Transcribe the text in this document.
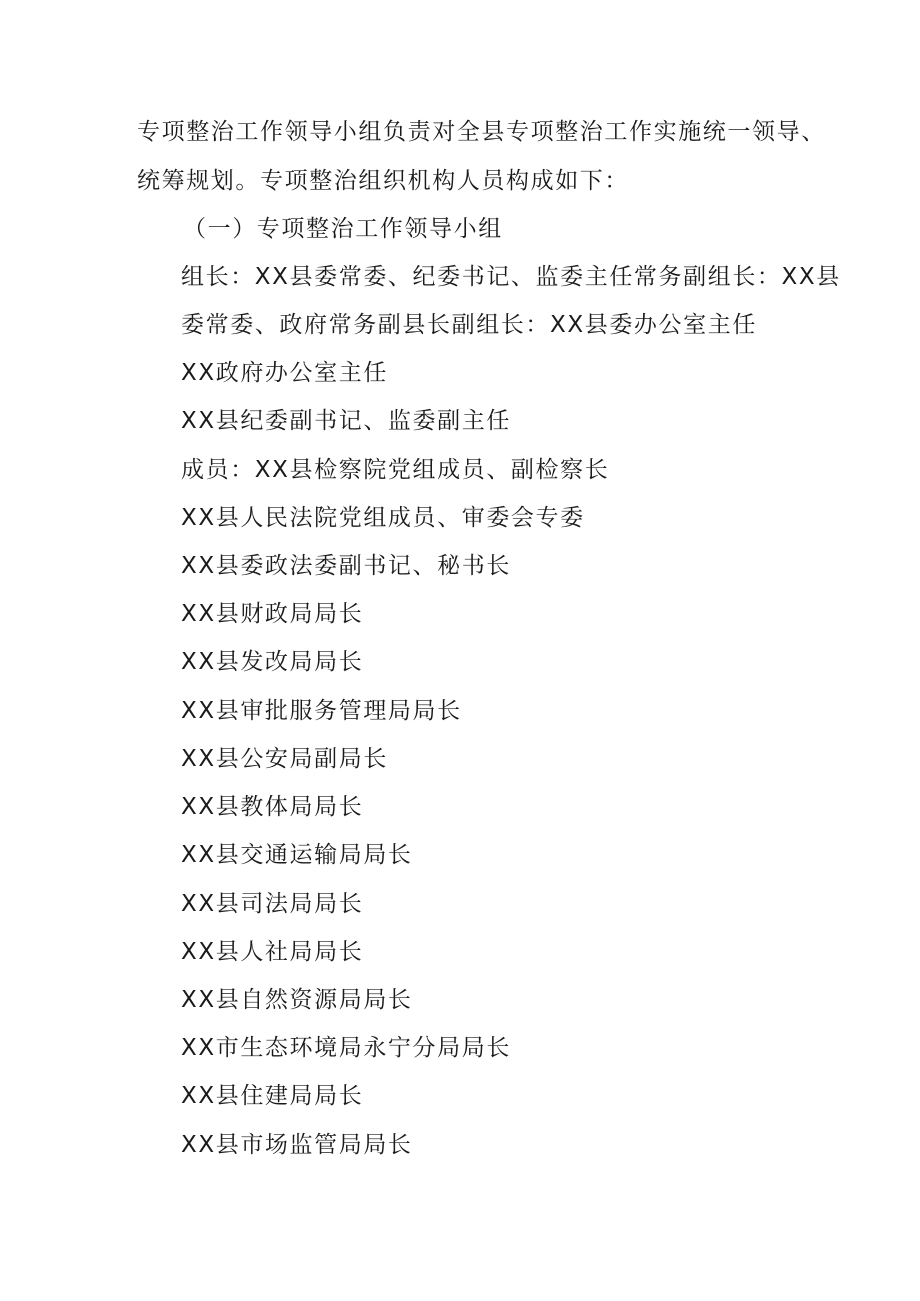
专项整治工作领导小组负责对全县专项整治工作实施统一领导、
统筹规划。专项整治组织机构人员构成如下：
（一）专项整治工作领导小组
组长：XX县委常委、纪委书记、监委主任常务副组长：XX县
委常委、政府常务副县长副组长：XX县委办公室主任
XX政府办公室主任
XX县纪委副书记、监委副主任
成员：XX县检察院党组成员、副检察长
XX县人民法院党组成员、审委会专委
XX县委政法委副书记、秘书长
XX县财政局局长
XX县发改局局长
XX县审批服务管理局局长
XX县公安局副局长
XX县教体局局长
XX县交通运输局局长
XX县司法局局长
XX县人社局局长
XX县自然资源局局长
XX市生态环境局永宁分局局长
XX县住建局局长
XX县市场监管局局长
